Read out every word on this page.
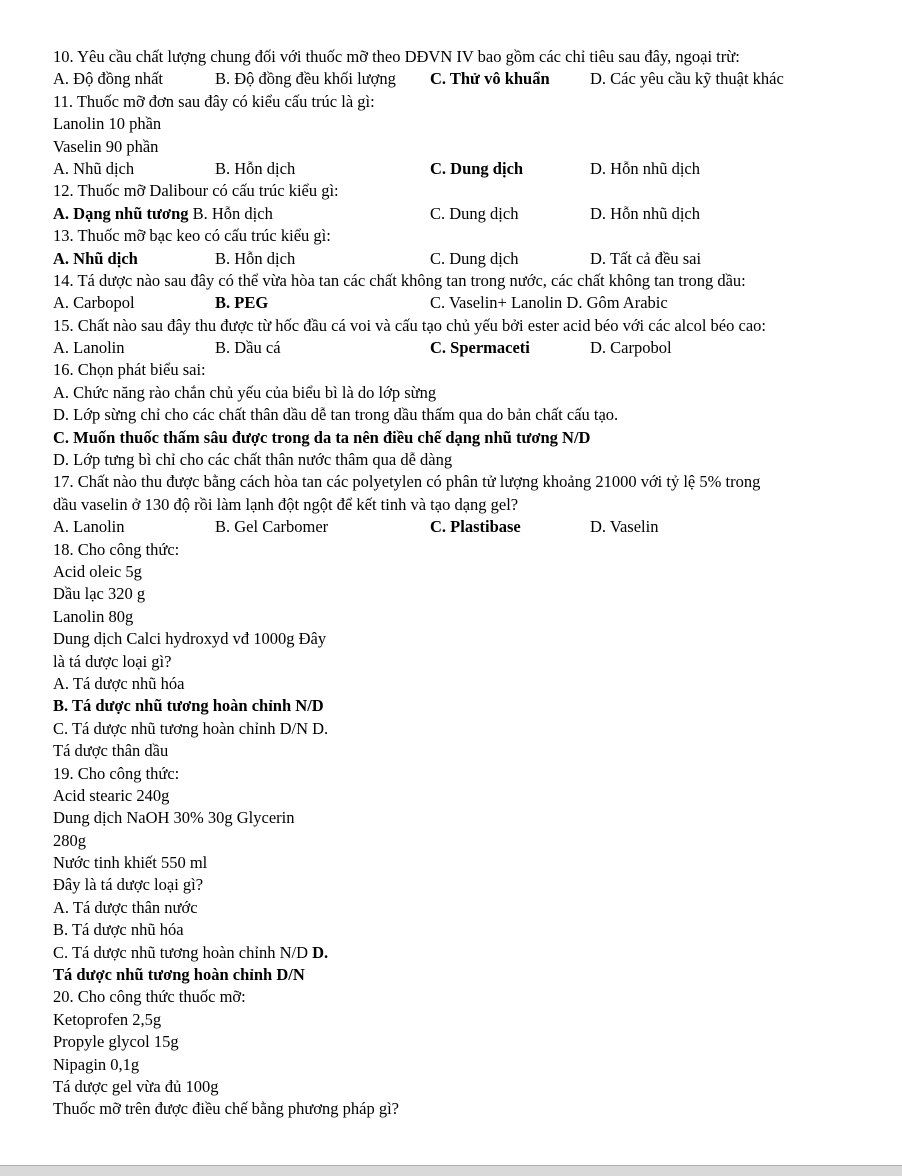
10. Yêu cầu chất lượng chung đối với thuốc mỡ theo DĐVN IV bao gồm các chỉ tiêu sau đây, ngoại trừ:
A. Độ đồng nhất	B. Độ đồng đều khối lượng C. Thử vô khuẩn D. Các yêu cầu kỹ thuật khác
11. Thuốc mỡ đơn sau đây có kiểu cấu trúc là gì:
Lanolin 10 phần
Vaselin 90 phần
A. Nhũ dịch	B. Hỗn dịch	C. Dung dịch	D. Hỗn nhũ dịch
12. Thuốc mỡ Dalibour có cấu trúc kiểu gì:
A. Dạng nhũ tương B. Hỗn dịch	C. Dung dịch	D. Hỗn nhũ dịch
13. Thuốc mỡ bạc keo có cấu trúc kiểu gì:
A. Nhũ dịch	B. Hỗn dịch	C. Dung dịch	D. Tất cả đều sai
14. Tá dược nào sau đây có thể vừa hòa tan các chất không tan trong nước, các chất không tan trong dầu:
A. Carbopol	B. PEG	C. Vaselin+ Lanolin D. Gôm Arabic
15. Chất nào sau đây thu được từ hốc đầu cá voi và cấu tạo chủ yếu bởi ester acid béo với các alcol béo cao:
A. Lanolin	B. Dầu cá	C. Spermaceti	D. Carpobol
16. Chọn phát biểu sai:
A. Chức năng rào chắn chủ yếu của biểu bì là do lớp sừng
D. Lớp sừng chỉ cho các chất thân dầu dễ tan trong dầu thấm qua do bản chất cấu tạo.
C. Muốn thuốc thấm sâu được trong da ta nên điều chế dạng nhũ tương N/D
D. Lớp tưng bì chỉ cho các chất thân nước thâm qua dễ dàng
17. Chất nào thu được bằng cách hòa tan các polyetylen có phân tử lượng khoảng 21000 với tỷ lệ 5% trong
dầu vaselin ở 130 độ rồi làm lạnh đột ngột để kết tinh và tạo dạng gel?
A. Lanolin	B. Gel Carbomer	C. Plastibase	D. Vaselin
18. Cho công thức:
Acid oleic 5g
Dầu lạc 320 g
Lanolin 80g
Dung dịch Calci hydroxyd vđ 1000g Đây
là tá dược loại gì?
A. Tá dược nhũ hóa
B. Tá dược nhũ tương hoàn chỉnh N/D
C. Tá dược nhũ tương hoàn chỉnh D/N D.
Tá dược thân dầu
19. Cho công thức:
Acid stearic 240g
Dung dịch NaOH 30% 30g Glycerin
280g
Nước tinh khiết 550 ml
Đây là tá dược loại gì?
A. Tá dược thân nước
B. Tá dược nhũ hóa
C. Tá dược nhũ tương hoàn chỉnh N/D D.
Tá dược nhũ tương hoàn chỉnh D/N
20. Cho công thức thuốc mỡ:
Ketoprofen 2,5g
Propyle glycol 15g
Nipagin 0,1g
Tá dược gel vừa đủ 100g
Thuốc mỡ trên được điều chế bằng phương pháp gì?
